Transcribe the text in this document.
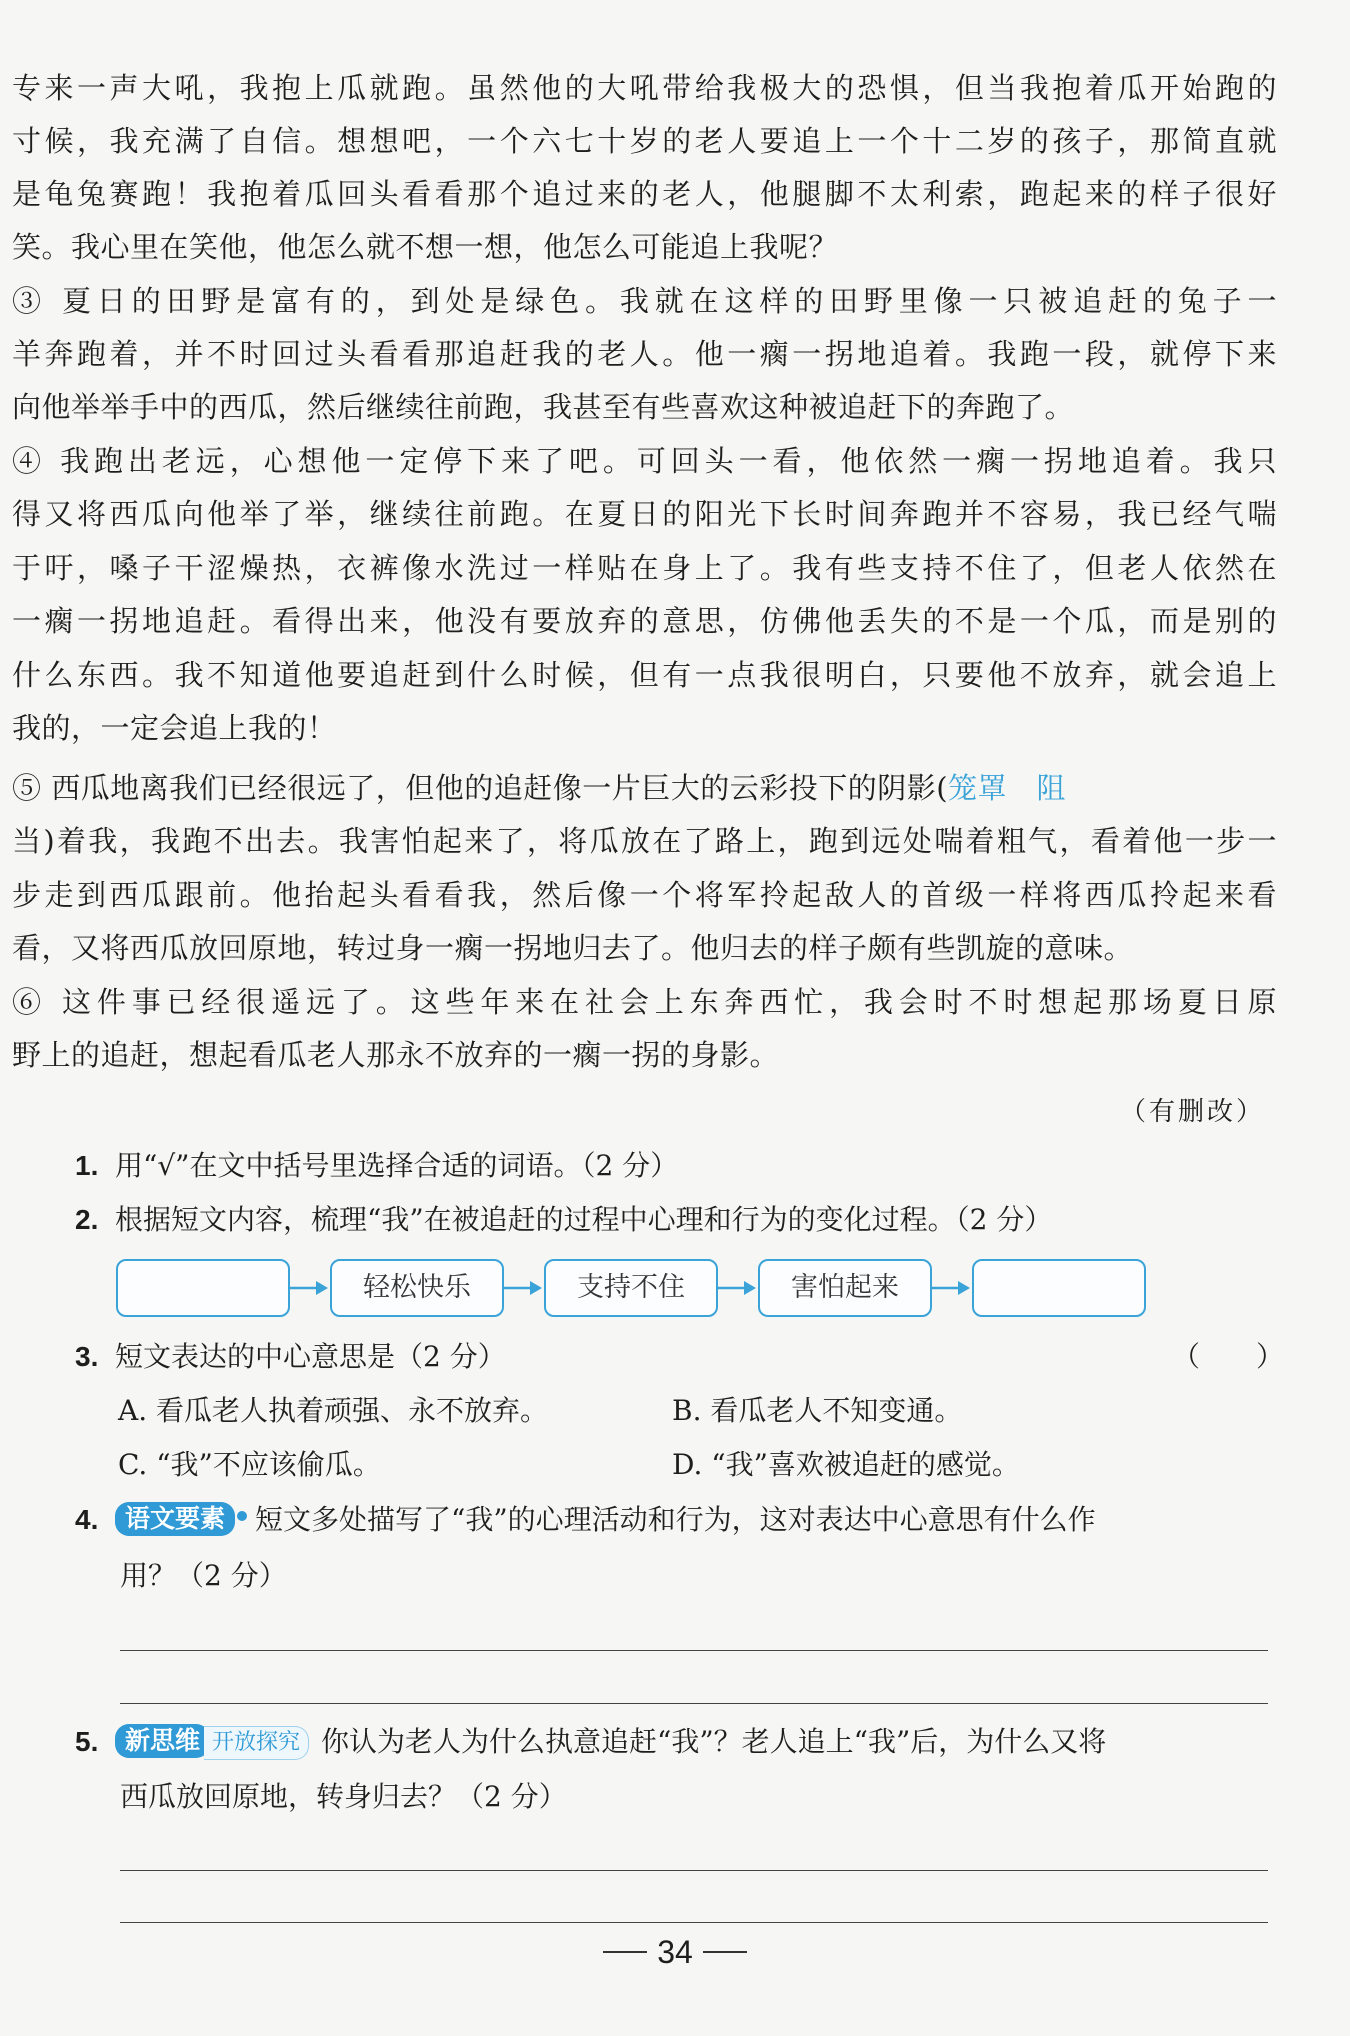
专来一声大吼，我抱上瓜就跑。虽然他的大吼带给我极大的恐惧，但当我抱着瓜开始跑的
寸候，我充满了自信。想想吧，一个六七十岁的老人要追上一个十二岁的孩子，那简直就
是龟兔赛跑！我抱着瓜回头看看那个追过来的老人，他腿脚不太利索，跑起来的样子很好
笑。我心里在笑他，他怎么就不想一想，他怎么可能追上我呢？
③ 夏日的田野是富有的，到处是绿色。我就在这样的田野里像一只被追赶的兔子一
羊奔跑着，并不时回过头看看那追赶我的老人。他一瘸一拐地追着。我跑一段，就停下来
向他举举手中的西瓜，然后继续往前跑，我甚至有些喜欢这种被追赶下的奔跑了。
④ 我跑出老远，心想他一定停下来了吧。可回头一看，他依然一瘸一拐地追着。我只
得又将西瓜向他举了举，继续往前跑。在夏日的阳光下长时间奔跑并不容易，我已经气喘
于吁，嗓子干涩燥热，衣裤像水洗过一样贴在身上了。我有些支持不住了，但老人依然在
一瘸一拐地追赶。看得出来，他没有要放弃的意思，仿佛他丢失的不是一个瓜，而是别的
什么东西。我不知道他要追赶到什么时候，但有一点我很明白，只要他不放弃，就会追上
我的，一定会追上我的！
⑤ 西瓜地离我们已经很远了，但他的追赶像一片巨大的云彩投下的阴影(笼罩　阻
当)着我，我跑不出去。我害怕起来了，将瓜放在了路上，跑到远处喘着粗气，看着他一步一
步走到西瓜跟前。他抬起头看看我，然后像一个将军拎起敌人的首级一样将西瓜拎起来看
看，又将西瓜放回原地，转过身一瘸一拐地归去了。他归去的样子颇有些凯旋的意味。
⑥ 这件事已经很遥远了。这些年来在社会上东奔西忙，我会时不时想起那场夏日原
野上的追赶，想起看瓜老人那永不放弃的一瘸一拐的身影。
（有删改）
1. 用“√”在文中括号里选择合适的词语。（2 分）
2. 根据短文内容，梳理“我”在被追赶的过程中心理和行为的变化过程。（2 分）
轻松快乐	支持不住	害怕起来
3. 短文表达的中心意思是（2 分）	（　　）
A. 看瓜老人执着顽强、永不放弃。	B. 看瓜老人不知变通。
C. “我”不应该偷瓜。	D. “我”喜欢被追赶的感觉。
4. 语文要素 短文多处描写了“我”的心理活动和行为，这对表达中心意思有什么作
用？（2 分）
5. 新思维 开放探究 你认为老人为什么执意追赶“我”？老人追上“我”后，为什么又将
西瓜放回原地，转身归去？（2 分）
34
